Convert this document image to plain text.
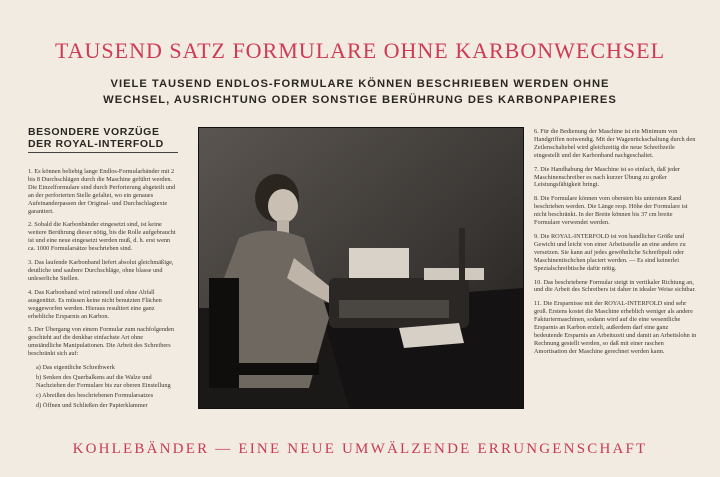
TAUSEND SATZ FORMULARE OHNE KARBONWECHSEL
VIELE TAUSEND ENDLOS-FORMULARE KÖNNEN BESCHRIEBEN WERDEN OHNE
WECHSEL, AUSRICHTUNG ODER SONSTIGE BERÜHRUNG DES KARBONPAPIERES
BESONDERE VORZÜGE
DER ROYAL-INTERFOLD

1. Es können beliebig lange Endlos-Formularbänder mit 2 bis 8 Durchschlägen durch die Maschine geführt werden. Die Einzelformulare sind durch Perforierung abgeteilt und an der perforierten Stelle gefaltet, wo ein genaues Aufeinanderpassen der Original- und Durchschlagtexte garantiert.

2. Sobald die Karbonbänder eingesetzt sind, ist keine weitere Berührung dieser nötig, bis die Rolle aufgebraucht ist und eine neue eingesetzt werden muß, d. h. erst wenn ca. 1000 Formularsätze beschrieben sind.

3. Das laufende Karbonband liefert absolut gleichmäßige, deutliche und saubere Durchschläge, ohne blasse und unleserliche Stellen.

4. Das Karbonband wird rationell und ohne Abfall ausgenützt. Es müssen keine nicht benutzten Flächen weggeworfen werden. Hieraus resultiert eine ganz erhebliche Ersparnis an Karbon.

5. Der Übergang von einem Formular zum nachfolgenden geschieht auf die denkbar einfachste Art ohne umständliche Manipulationen. Die Arbeit des Schreibers beschränkt sich auf:

a) Das eigentliche Schreibwerk
b) Senken des Querbalkens auf die Walze und Nachziehen der Formulare bis zur oberen Einstellung
c) Abreißen des beschriebenen Formularsatzes
d) Öffnen und Schließen der Papierklammer

6. Für die Bedienung der Maschine ist ein Minimum von Handgriffen notwendig. Mit der Wagenrückschaltung durch den Zeilenschaltebel wird gleichzeitig die neue Schreibzeile eingestellt und der Karbonband nachgeschaltet.

7. Die Handhabung der Maschine ist so einfach, daß jeder Maschinenschreiber es nach kurzer Übung zu großer Leistungsfähigkeit bringt.

8. Die Formulare können vom obersten bis untersten Rand beschrieben werden. Die Länge resp. Höhe der Formulare ist nicht beschränkt. In der Breite können bis 37 cm breite Formulare verwendet werden.

9. Die ROYAL-INTERFOLD ist von handlicher Größe und Gewicht und leicht von einer Arbeitsstelle an eine andere zu versetzen. Sie kann auf jedes gewöhnliche Schreibpult oder Maschinentischchen placiert werden. — Es sind keinerlei Spezialschreibtische dafür nötig.

10. Das beschriebene Formular steigt in vertikaler Richtung an, und die Arbeit des Schreibers ist daher in idealer Weise sichtbar.

11. Die Ersparnisse mit der ROYAL-INTERFOLD sind sehr groß. Erstens kostet die Maschine erheblich weniger als andere Fakturiermaschinen, sodann wird auf die eine wesentliche Ersparnis an Karbon erzielt, außerdem darf eine ganz bedeutende Ersparnis an Arbeitszeit und damit an Arbeitslohn in Rechnung gestellt werden, so daß mit einer raschen Amortisation der Maschine gerechnet werden kann.

KOHLEBÄNDER — EINE NEUE UMWÄLZENDE ERRUNGENSCHAFT
